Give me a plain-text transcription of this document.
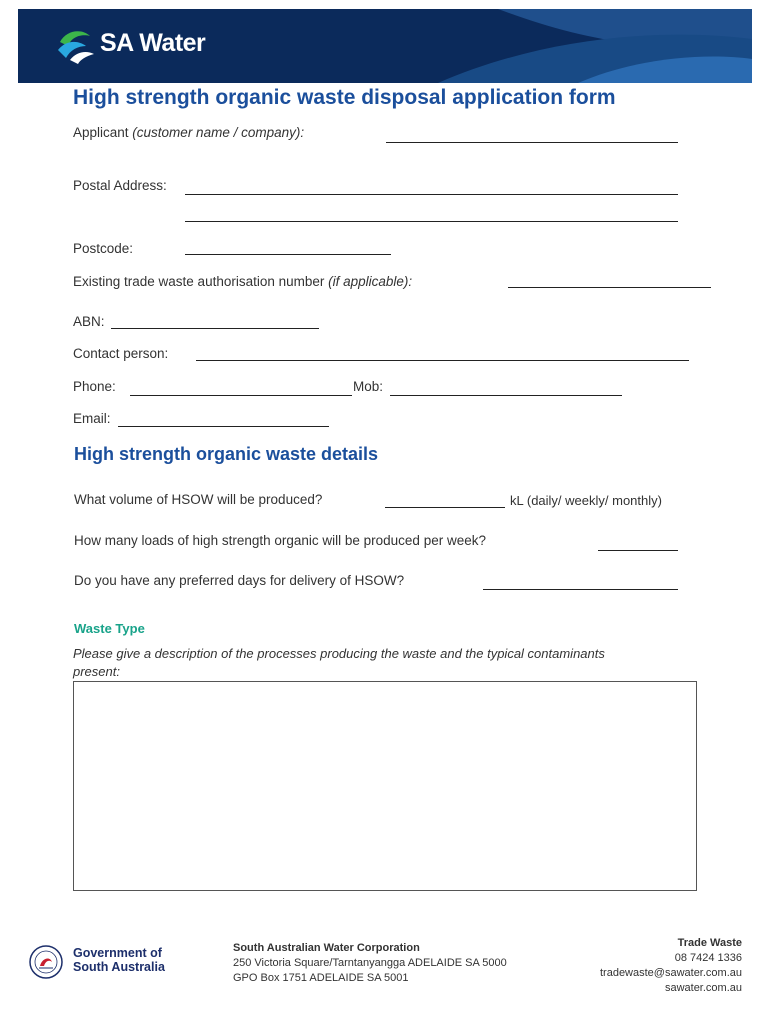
SA Water
High strength organic waste disposal application form
Applicant (customer name / company):
Postal Address:
Postcode:
Existing trade waste authorisation number (if applicable):
ABN:
Contact person:
Phone:	Mob:
Email:
High strength organic waste details
What volume of HSOW will be produced?	kL (daily/ weekly/ monthly)
How many loads of high strength organic will be produced per week?
Do you have any preferred days for delivery of HSOW?
Waste Type
Please give a description of the processes producing the waste and the typical contaminants present:
Government of
South Australia
South Australian Water Corporation
250 Victoria Square/Tarntanyangga ADELAIDE SA 5000
GPO Box 1751 ADELAIDE SA 5001
Trade Waste
08 7424 1336
tradewaste@sawater.com.au
sawater.com.au
